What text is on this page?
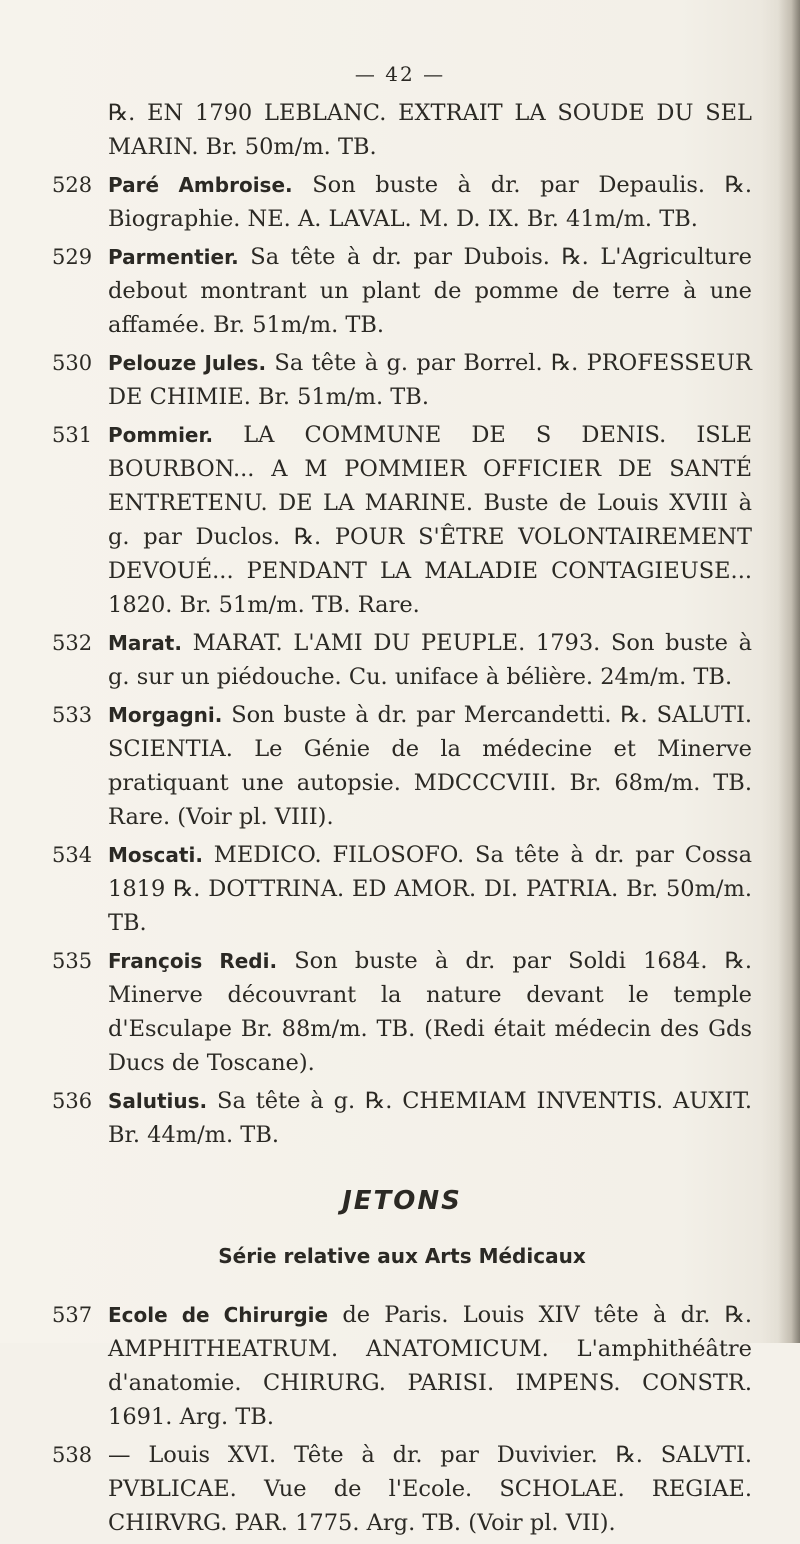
— 42 —
℞. EN 1790 LEBLANC. EXTRAIT LA SOUDE DU SEL MARIN. Br. 50m/m. TB.
528 Paré Ambroise. Son buste à dr. par Depaulis. ℞. Biographie. NE. A. LAVAL. M. D. IX. Br. 41m/m. TB.
529 Parmentier. Sa tête à dr. par Dubois. ℞. L'Agriculture debout montrant un plant de pomme de terre à une affamée. Br. 51m/m. TB.
530 Pelouze Jules. Sa tête à g. par Borrel. ℞. PROFESSEUR DE CHIMIE. Br. 51m/m. TB.
531 Pommier. LA COMMUNE DE S DENIS. ISLE BOURBON... A M POMMIER OFFICIER DE SANTÉ ENTRETENU. DE LA MARINE. Buste de Louis XVIII à g. par Duclos. ℞. POUR S'ÊTRE VOLONTAIREMENT DEVOUÉ... PENDANT LA MALADIE CONTAGIEUSE... 1820. Br. 51m/m. TB. Rare.
532 Marat. MARAT. L'AMI DU PEUPLE. 1793. Son buste à g. sur un piédouche. Cu. uniface à bélière. 24m/m. TB.
533 Morgagni. Son buste à dr. par Mercandetti. ℞. SALUTI. SCIENTIA. Le Génie de la médecine et Minerve pratiquant une autopsie. MDCCCVIII. Br. 68m/m. TB. Rare. (Voir pl. VIII).
534 Moscati. MEDICO. FILOSOFO. Sa tête à dr. par Cossa 1819 ℞. DOTTRINA. ED AMOR. DI. PATRIA. Br. 50m/m. TB.
535 François Redi. Son buste à dr. par Soldi 1684. ℞. Minerve découvrant la nature devant le temple d'Esculape Br. 88m/m. TB. (Redi était médecin des Gds Ducs de Toscane).
536 Salutius. Sa tête à g. ℞. CHEMIAM INVENTIS. AUXIT. Br. 44m/m. TB.
JETONS
Série relative aux Arts Médicaux
537 Ecole de Chirurgie de Paris. Louis XIV tête à dr. ℞. AMPHITHEATRUM. ANATOMICUM. L'amphithéâtre d'anatomie. CHIRURG. PARISI. IMPENS. CONSTR. 1691. Arg. TB.
538 — Louis XVI. Tête à dr. par Duvivier. ℞. SALVTI. PVBLICAE. Vue de l'Ecole. SCHOLAE. REGIAE. CHIRVRG. PAR. 1775. Arg. TB. (Voir pl. VII).
